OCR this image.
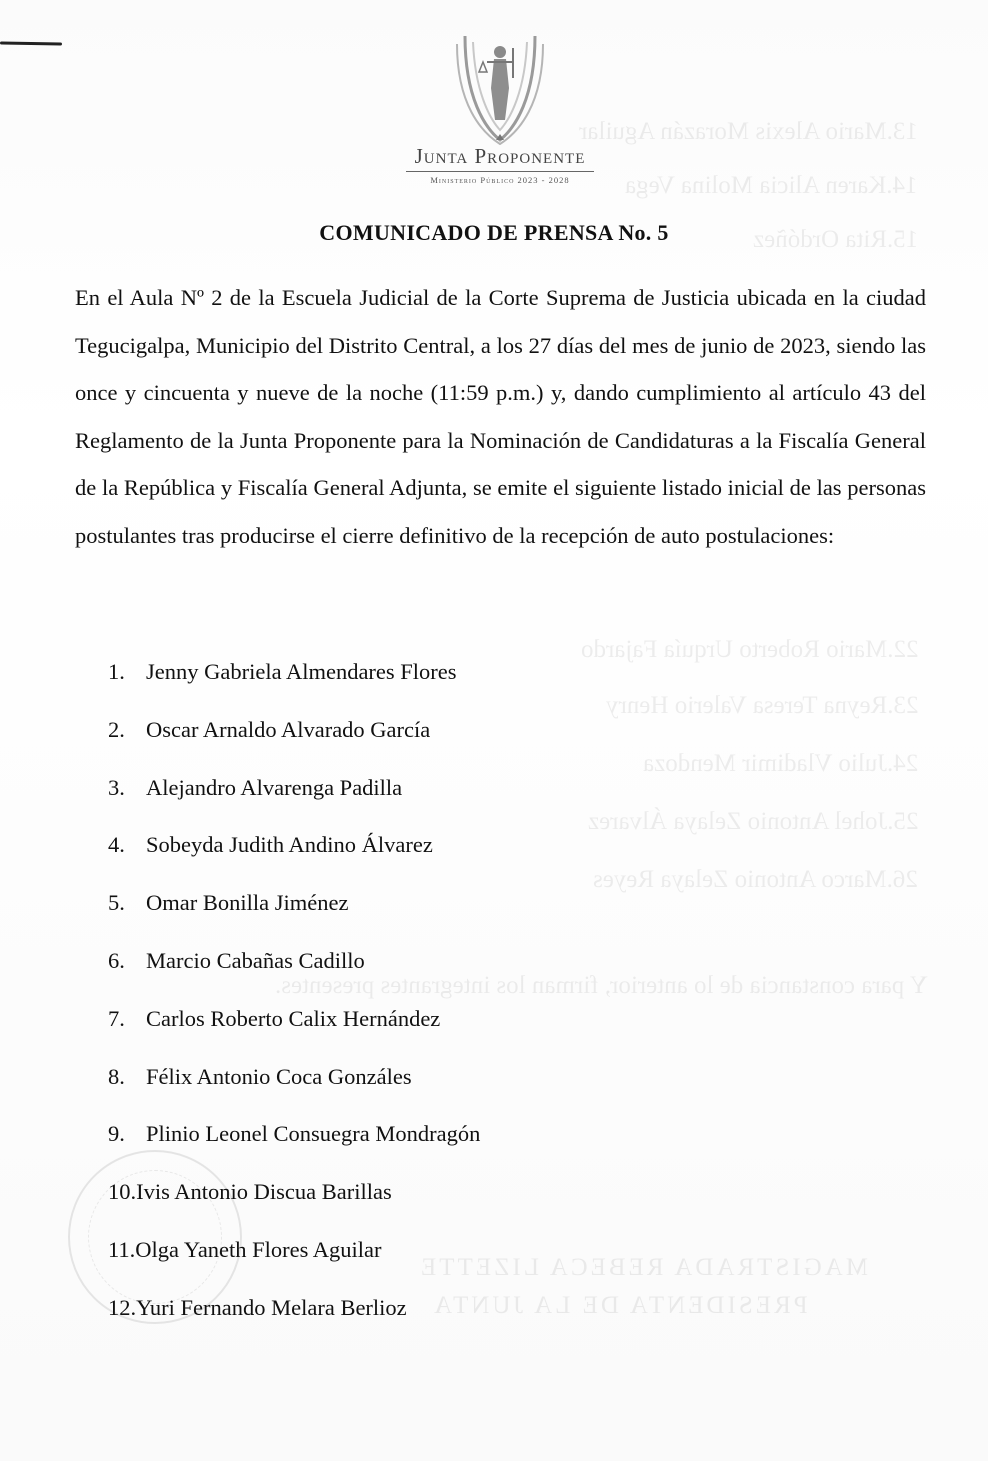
13.Mario Alexis Morazán Aguilar
14.Karen Alicia Molina Vega
15.Rita Ordóñez
22.Mario Roberto Urquía Fajardo
23.Reyna Teresa Valerio Henry
24.Julio Vladimir Mendoza
25.Johel Antonio Zelaya Álvarez
26.Marco Antonio Zelaya Reyes
Y para constancia de lo anterior, firman los integrantes presentes.
MAGISTRADA REBECA LIZETTE
PRESIDENTA DE LA JUNTA
Junta Proponente
Ministerio Público 2023 - 2028
COMUNICADO DE PRENSA No. 5
En el Aula Nº 2 de la Escuela Judicial de la Corte Suprema de Justicia ubicada en la ciudad Tegucigalpa, Municipio del Distrito Central, a los 27 días del mes de junio de 2023, siendo las once y cincuenta y nueve de la noche (11:59 p.m.) y, dando cumplimiento al artículo 43 del Reglamento de la Junta Proponente para la Nominación de Candidaturas a la Fiscalía General de la República y Fiscalía General Adjunta, se emite el siguiente listado inicial de las personas postulantes tras producirse el cierre definitivo de la recepción de auto postulaciones:
1. Jenny Gabriela Almendares Flores
2. Oscar Arnaldo Alvarado García
3. Alejandro Alvarenga Padilla
4. Sobeyda Judith Andino Álvarez
5. Omar Bonilla Jiménez
6. Marcio Cabañas Cadillo
7. Carlos Roberto Calix Hernández
8. Félix Antonio Coca Gonzáles
9. Plinio Leonel Consuegra Mondragón
10.Ivis Antonio Discua Barillas
11.Olga Yaneth Flores Aguilar
12.Yuri Fernando Melara Berlioz
